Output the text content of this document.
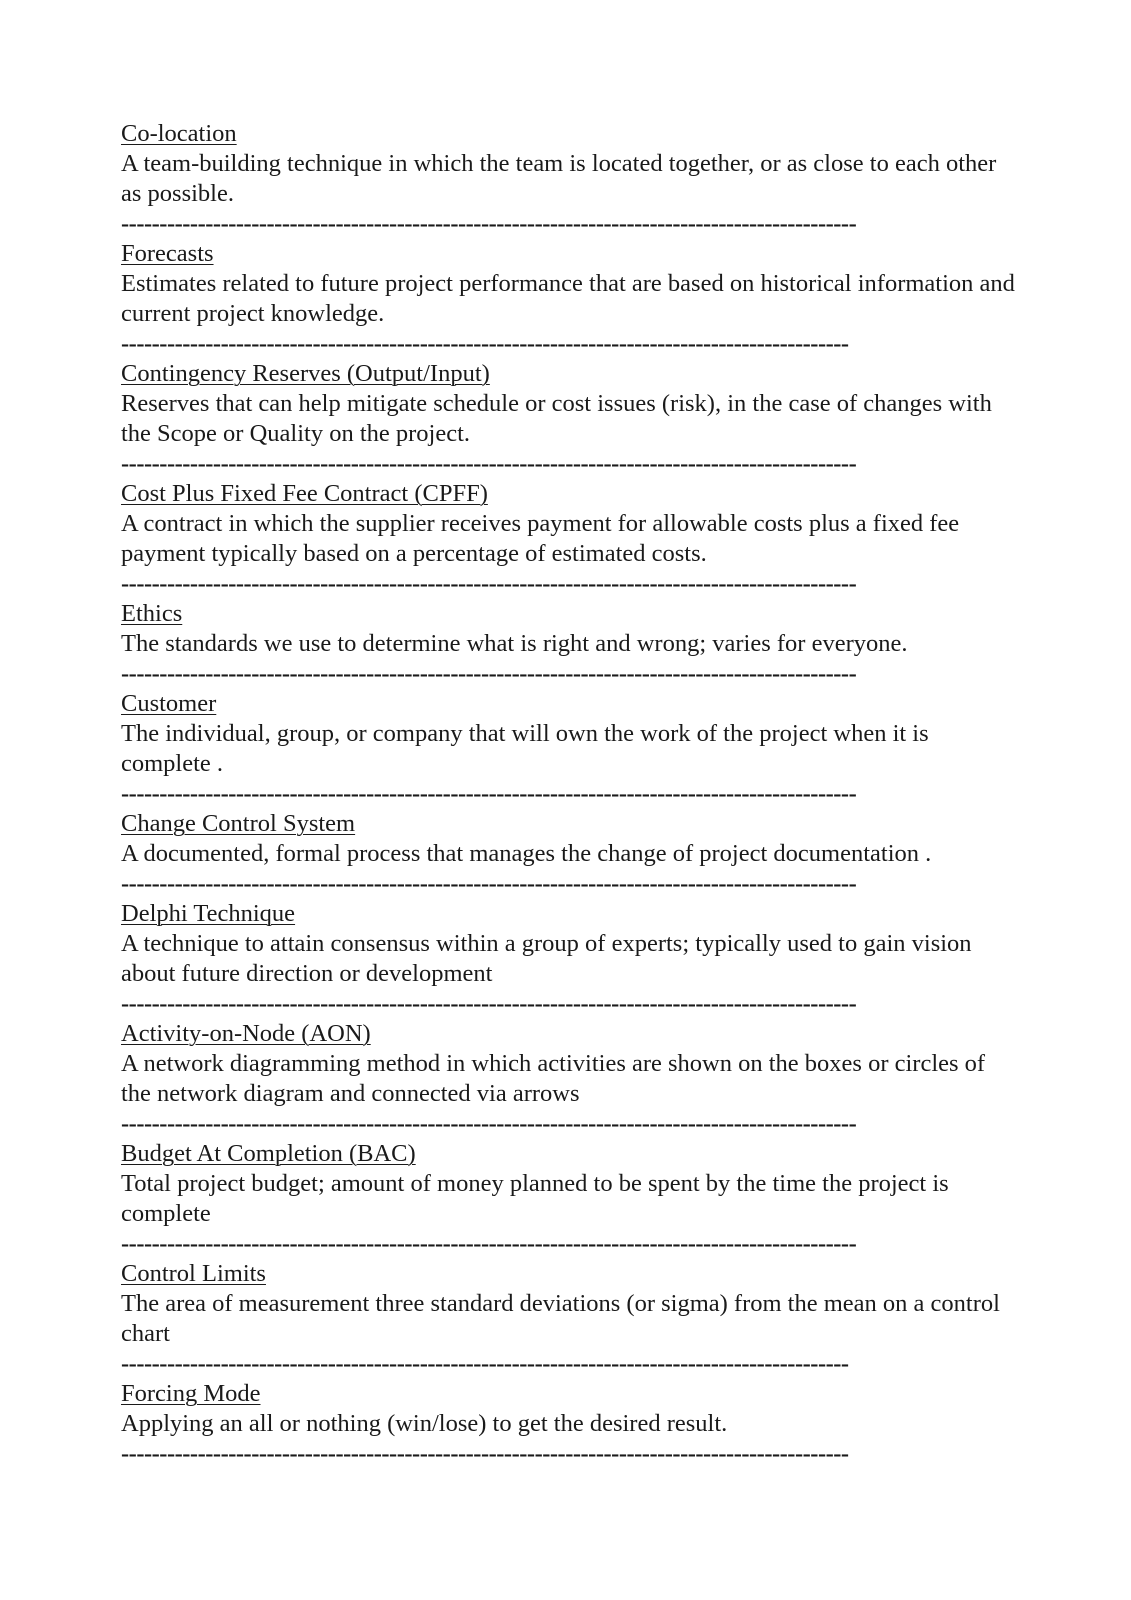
Co-location
A team-building technique in which the team is located together, or as close to each other as possible.
------------------------------------------------------------------------------------------------
Forecasts
Estimates related to future project performance that are based on historical information and current project knowledge.
-----------------------------------------------------------------------------------------------
Contingency Reserves (Output/Input)
Reserves that can help mitigate schedule or cost issues (risk), in the case of changes with the Scope or Quality on the project.
------------------------------------------------------------------------------------------------
Cost Plus Fixed Fee Contract (CPFF)
A contract in which the supplier receives payment for allowable costs plus a fixed fee payment typically based on a percentage of estimated costs.
------------------------------------------------------------------------------------------------
Ethics
The standards we use to determine what is right and wrong; varies for everyone.
------------------------------------------------------------------------------------------------
Customer
The individual, group, or company that will own the work of the project when it is complete .
------------------------------------------------------------------------------------------------
Change Control System
A documented, formal process that manages the change of project documentation .
------------------------------------------------------------------------------------------------
Delphi Technique
A technique to attain consensus within a group of experts; typically used to gain vision about future direction or development
------------------------------------------------------------------------------------------------
Activity-on-Node (AON)
A network diagramming method in which activities are shown on the boxes or circles of the network diagram and connected via arrows
------------------------------------------------------------------------------------------------
Budget At Completion (BAC)
Total project budget; amount of money planned to be spent by the time the project is complete
------------------------------------------------------------------------------------------------
Control Limits
The area of measurement three standard deviations (or sigma) from the mean on a control chart
-----------------------------------------------------------------------------------------------
Forcing Mode
Applying an all or nothing (win/lose) to get the desired result.
-----------------------------------------------------------------------------------------------
